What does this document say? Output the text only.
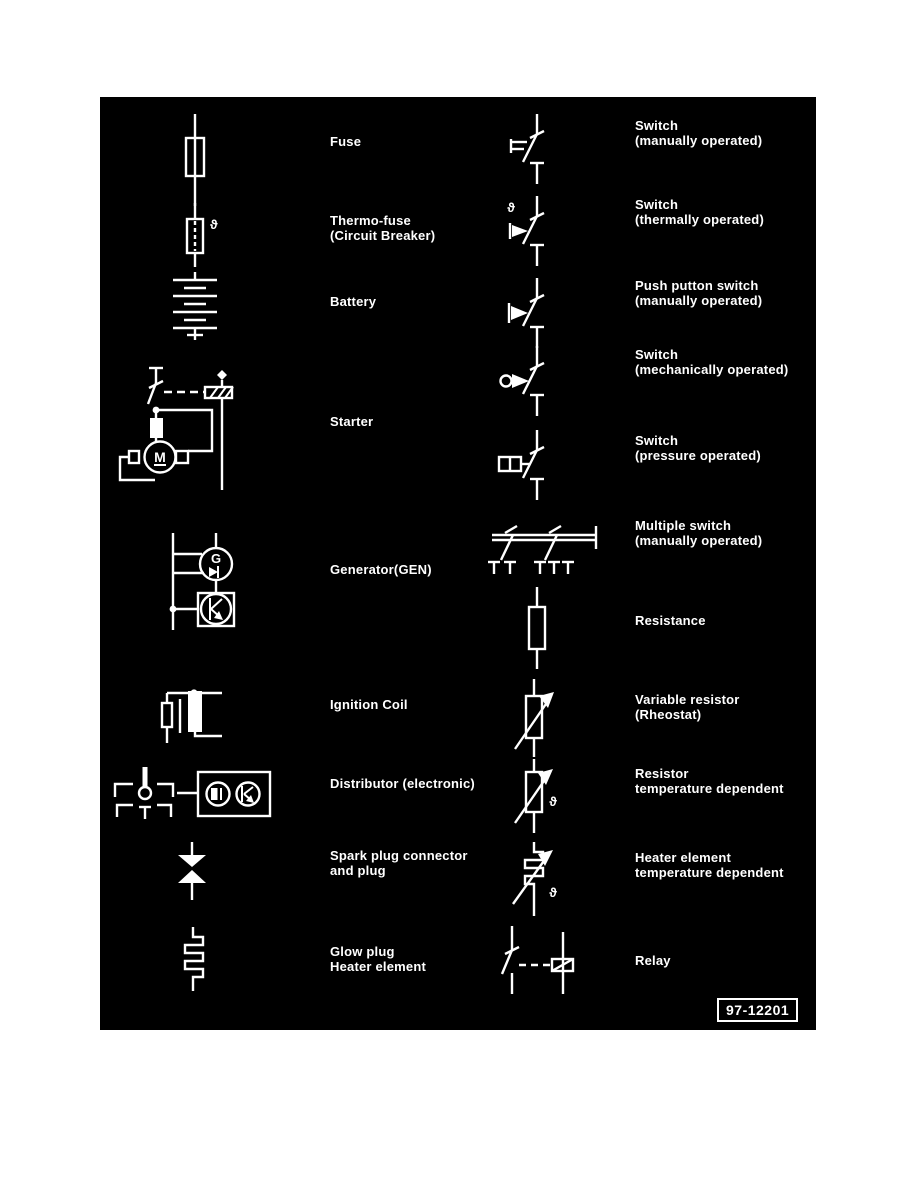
ϑ
M
G
Fuse
Thermo-fuse
(Circuit Breaker)
Battery
Starter
Generator(GEN)
Ignition Coil
Distributor (electronic)
Spark plug connector
and plug
Glow plug
Heater element
ϑ
ϑ
ϑ
Switch
(manually operated)
Switch
(thermally operated)
Push putton switch
(manually operated)
Switch
(mechanically operated)
Switch
(pressure operated)
Multiple switch
(manually operated)
Resistance
Variable resistor
(Rheostat)
Resistor
temperature dependent
Heater element
temperature dependent
Relay
97-12201
